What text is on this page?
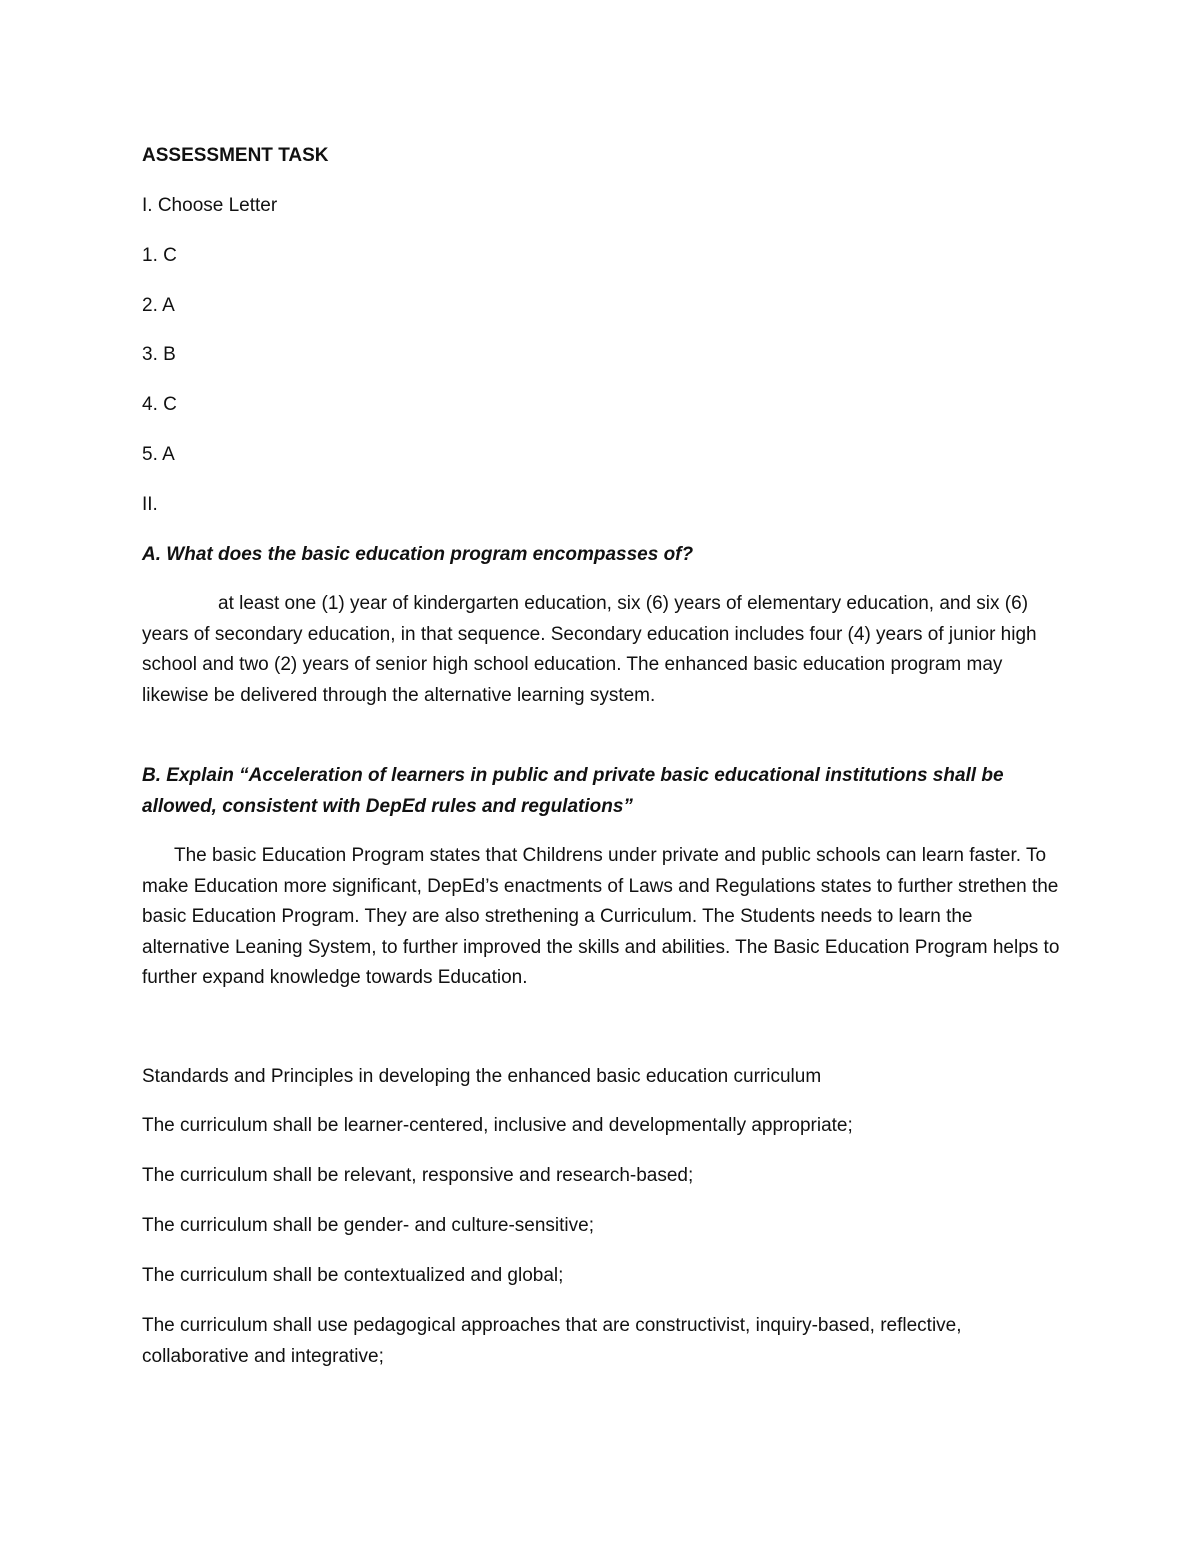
ASSESSMENT TASK

I. Choose Letter

1. C

2. A

3. B

4. C

5. A

II.

A. What does the basic education program encompasses of?

at least one (1) year of kindergarten education, six (6) years of elementary education, and six (6) years of secondary education, in that sequence. Secondary education includes four (4) years of junior high school and two (2) years of senior high school education. The enhanced basic education program may likewise be delivered through the alternative learning system.

B. Explain “Acceleration of learners in public and private basic educational institutions shall be allowed, consistent with DepEd rules and regulations”

The basic Education Program states that Childrens under private and public schools can learn faster. To make Education more significant, DepEd’s enactments of Laws and Regulations states to further strethen the basic Education Program. They are also strethening a Curriculum. The Students needs to learn the alternative Leaning System, to further improved the skills and abilities. The Basic Education Program helps to further expand knowledge towards Education.

Standards and Principles in developing the enhanced basic education curriculum

The curriculum shall be learner-centered, inclusive and developmentally appropriate;

The curriculum shall be relevant, responsive and research-based;

The curriculum shall be gender- and culture-sensitive;

The curriculum shall be contextualized and global;

The curriculum shall use pedagogical approaches that are constructivist, inquiry-based, reflective, collaborative and integrative;
